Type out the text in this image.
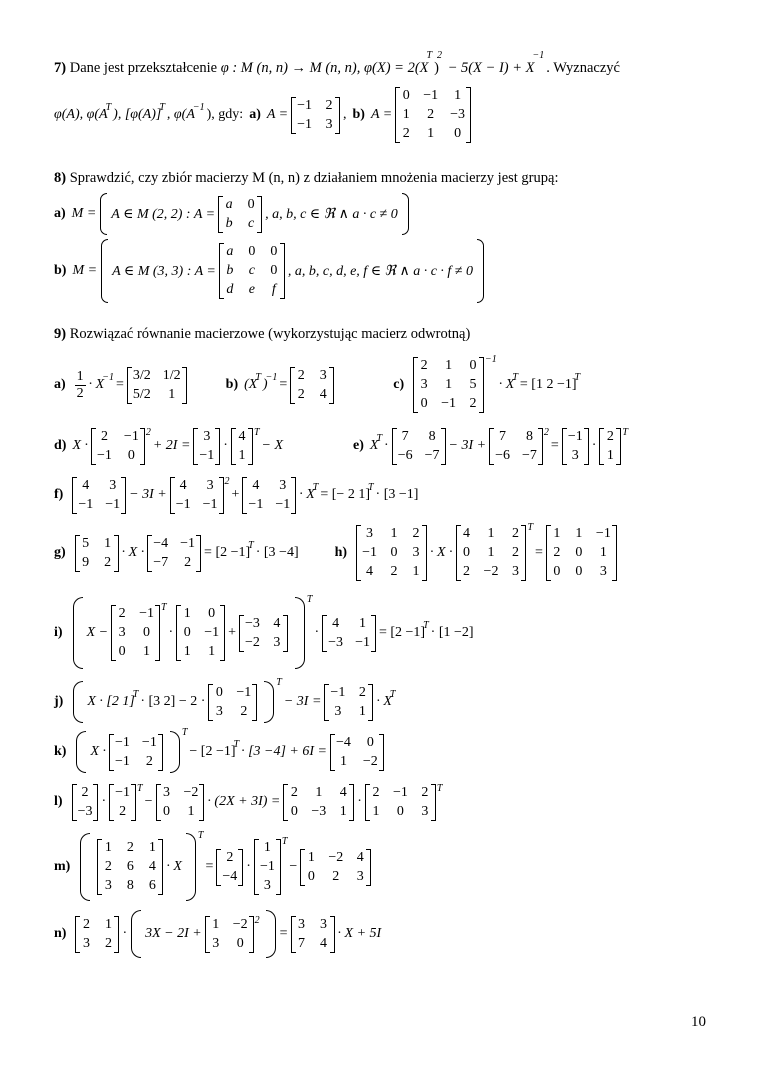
7) Dane jest przekształcenie φ : M (n, n) → M (n, n), $\varphi(X) = 2(X^T)^2 - 5(X - I) + X^{-1}$. Wyznaczyć
φ(A), φ(A
$^T$ ), [φ(A)]
$^T$ , φ(A
$^{-1}$ ), gdy: a) A =
−1 2
−1 3
, b) A =
0 −1 1
1 2 −3
2 1 0
8) Sprawdzić, czy zbiór macierzy M (n, n) z działaniem mnożenia macierzy jest grupą:
a) M = A ∈ M (2, 2) : A =
a 0
b c
, a, b, c ∈ ℜ ∧ a · c ≠ 0
b) M = A ∈ M (3, 3) : A =
a 0 0
b c 0
d e f
, a, b, c, d, e, f ∈ ℜ ∧ a · c · f ≠ 0
9) Rozwiązać równanie macierzowe (wykorzystując macierz odwrotną)
$a) \frac{1}{2} \cdot X$
$^{-1}$ =
3/2 1/2
5/2	1
b) (X
$^T$ )
$^{-1}$ =
2 3
2 4
c)
2 1 0
3 1 5
0 −1 2
$^{-1}$
· X
$^T$ = [1 2 −1]
$^T$
d) X ·
2 −1
−1 0
$^2$
+ 2I =
3
−1
·
4
1
$^T$
− X	e) X
$^T$ ·
7 8
−6 −7
− 3I +
7 8
−6 −7
$^2$
=
−1
3
·
2
1
$^T$
f)
4 3
−1 −1
− 3I +
4 3
−1 −1
$^2$
+
4 3
−1 −1
· X
$^T$ = [− 2 1]
$^T$ · [3 −1]
g)
5 1
9 2
· X ·
−4 −1
−7 2
= [2 −1]
$^T$ · [3 −4]	h)
3 1 2
−1 0 3
4 2 1
· X ·
4 1 2
0 1 2
2 −2 3
$^T$
=
1 1 −1
2 0 1
0 0 3
i) X −
2 −1
3 0
0 1
$^T$
·
1 0
0 −1
1 1
+
−3 4
−2 3
$^T$
·
4 1
−3 −1
= [2 −1]
$^T$ · [1 −2]
j) X · [2 1]
$^T$ · [3 2] − 2 ·
0 −1
3 2
$^T$
− 3I =
−1 2
3 1
· X
$^T$
k) X ·
−1 −1
−1 2
$^T$
− [2 −1]
$^T$ · [3 −4] + 6I =
−4 0
1 −2
l)
2
−3
·
−1
2
$^T$
−
3 −2
0 1
· (2X + 3I) =
2 1 4
0 −3 1
·
2 −1 2
1 0 3
$^T$
m)
1 2 1
2 6 4
3 8 6
· X
$^T$
=
2
−4
·
1
−1
3
$^T$
−
1 −2 4
0 2 3
n)
2 1
3 2
· 3X − 2I +
1 −2
3 0
$^2$
=
3 3
7 4
· X + 5I
10
